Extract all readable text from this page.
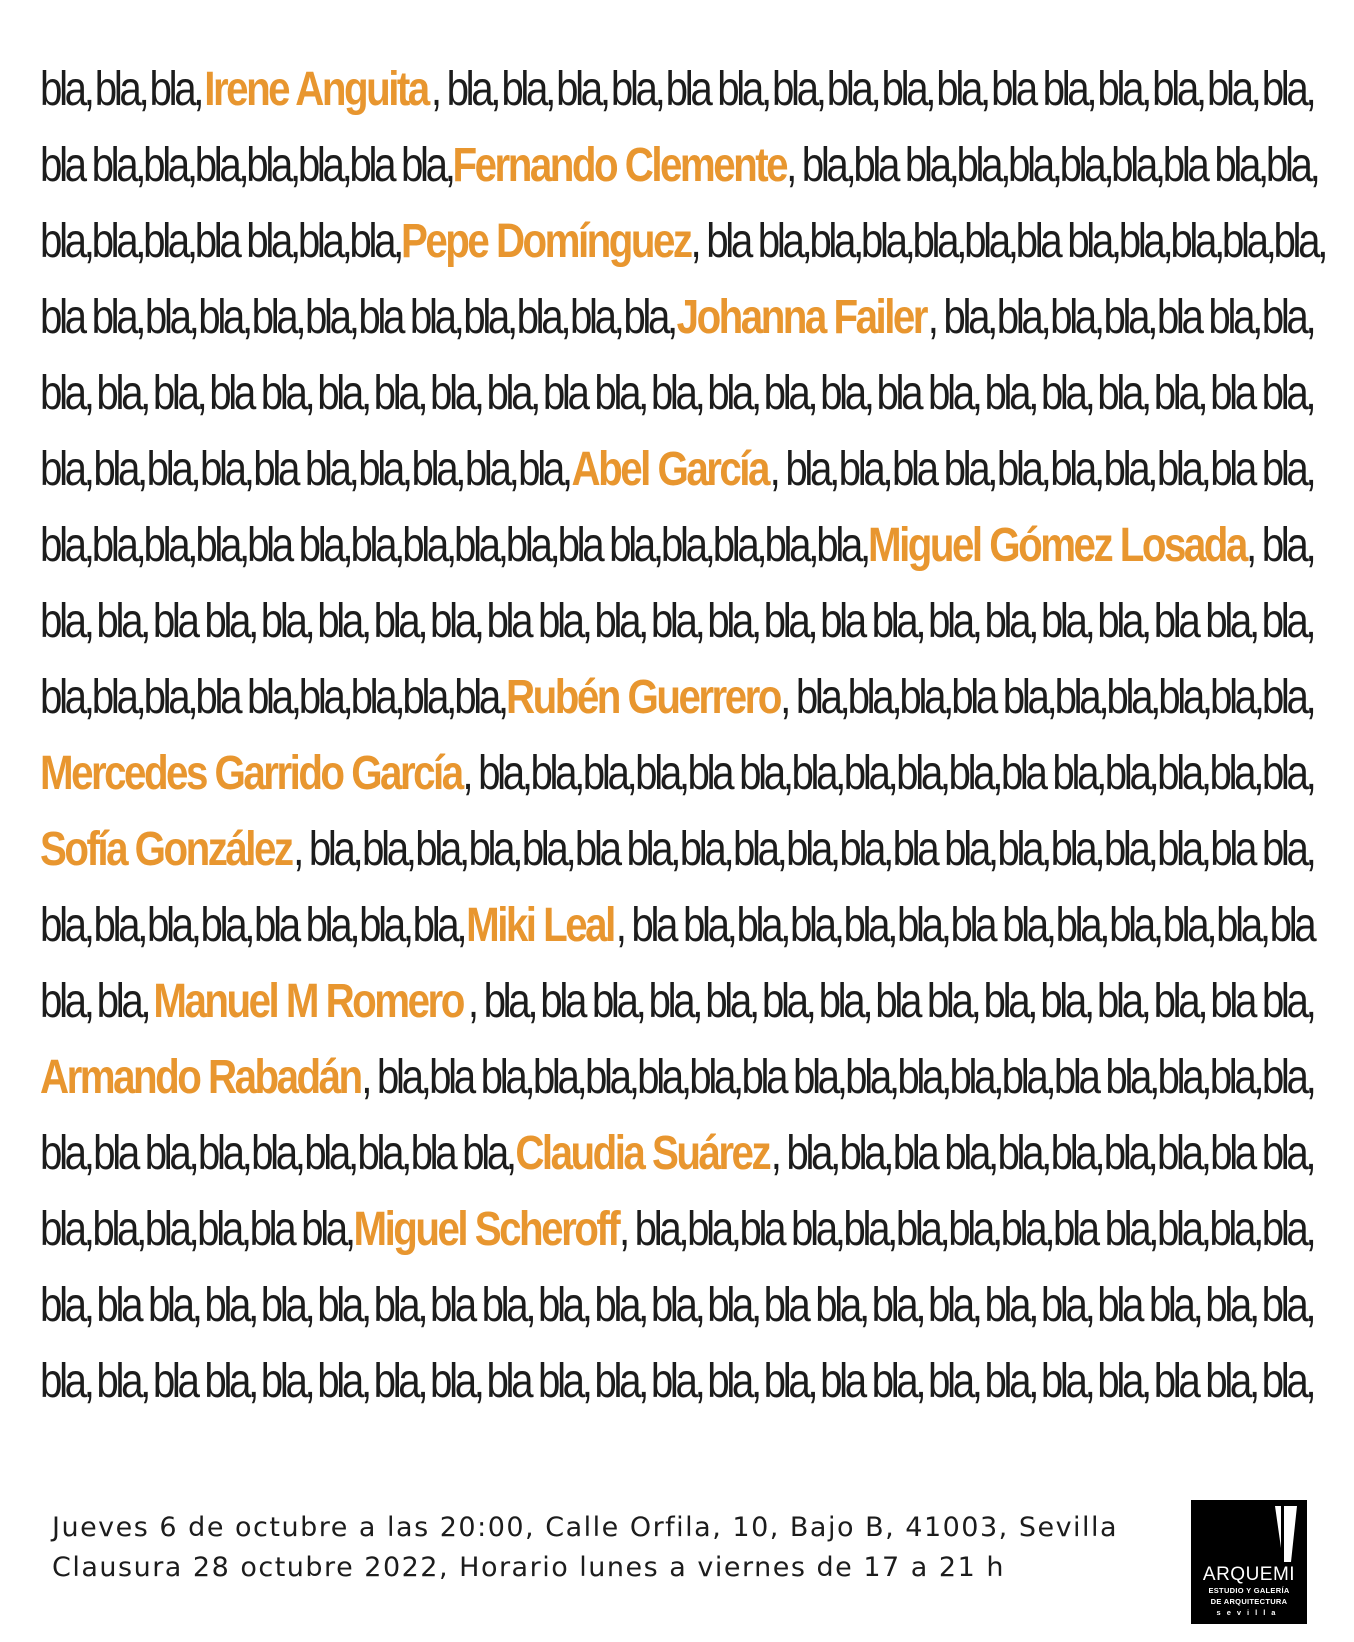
bla, bla, bla, Irene Anguita , bla, bla, bla, bla, bla bla, bla, bla, bla, bla, bla bla, bla, bla, bla, bla,
bla bla, bla, bla, bla, bla, bla bla, Fernando Clemente , bla, bla bla, bla, bla, bla, bla, bla bla, bla,
bla, bla, bla, bla bla, bla, bla, Pepe Domínguez , bla bla, bla, bla, bla, bla, bla bla, bla, bla, bla, bla,
bla bla, bla, bla, bla, bla, bla bla, bla, bla, bla, bla, Johanna Failer , bla, bla, bla, bla, bla bla, bla,
bla, bla, bla, bla bla, bla, bla, bla, bla, bla bla, bla, bla, bla, bla, bla bla, bla, bla, bla, bla, bla bla,
bla, bla, bla, bla, bla bla, bla, bla, bla, bla, Abel García , bla, bla, bla bla, bla, bla, bla, bla, bla bla,
bla, bla, bla, bla, bla bla, bla, bla, bla, bla, bla bla, bla, bla, bla, bla, Miguel Gómez Losada , bla,
bla, bla, bla bla, bla, bla, bla, bla, bla bla, bla, bla, bla, bla, bla bla, bla, bla, bla, bla, bla bla, bla,
bla, bla, bla, bla bla, bla, bla, bla, bla, Rubén Guerrero , bla, bla, bla, bla bla, bla, bla, bla, bla, bla,
Mercedes Garrido García , bla, bla, bla, bla, bla bla, bla, bla, bla, bla, bla bla, bla, bla, bla, bla,
Sofía González , bla, bla, bla, bla, bla, bla bla, bla, bla, bla, bla, bla bla, bla, bla, bla, bla, bla bla,
bla, bla, bla, bla, bla bla, bla, bla, Miki Leal , bla bla, bla, bla, bla, bla, bla bla, bla, bla, bla, bla, bla
bla, bla, Manuel M Romero , bla, bla bla, bla, bla, bla, bla, bla bla, bla, bla, bla, bla, bla bla,
Armando Rabadán , bla, bla bla, bla, bla, bla, bla, bla bla, bla, bla, bla, bla, bla bla, bla, bla, bla,
bla, bla bla, bla, bla, bla, bla, bla bla, Claudia Suárez , bla, bla, bla bla, bla, bla, bla, bla, bla bla,
bla, bla, bla, bla, bla bla, Miguel Scheroff , bla, bla, bla bla, bla, bla, bla, bla, bla bla, bla, bla, bla,
bla, bla bla, bla, bla, bla, bla, bla bla, bla, bla, bla, bla, bla bla, bla, bla, bla, bla, bla bla, bla, bla,
bla, bla, bla bla, bla, bla, bla, bla, bla bla, bla, bla, bla, bla, bla bla, bla, bla, bla, bla, bla bla, bla,
Jueves 6 de octubre a las 20:00, Calle Orfila, 10, Bajo B, 41003, Sevilla
Clausura 28 octubre 2022, Horario lunes a viernes de 17 a 21 h	ARQUEMI
ESTUDIO Y GALERÍA
DE ARQUITECTURA
sevilla
